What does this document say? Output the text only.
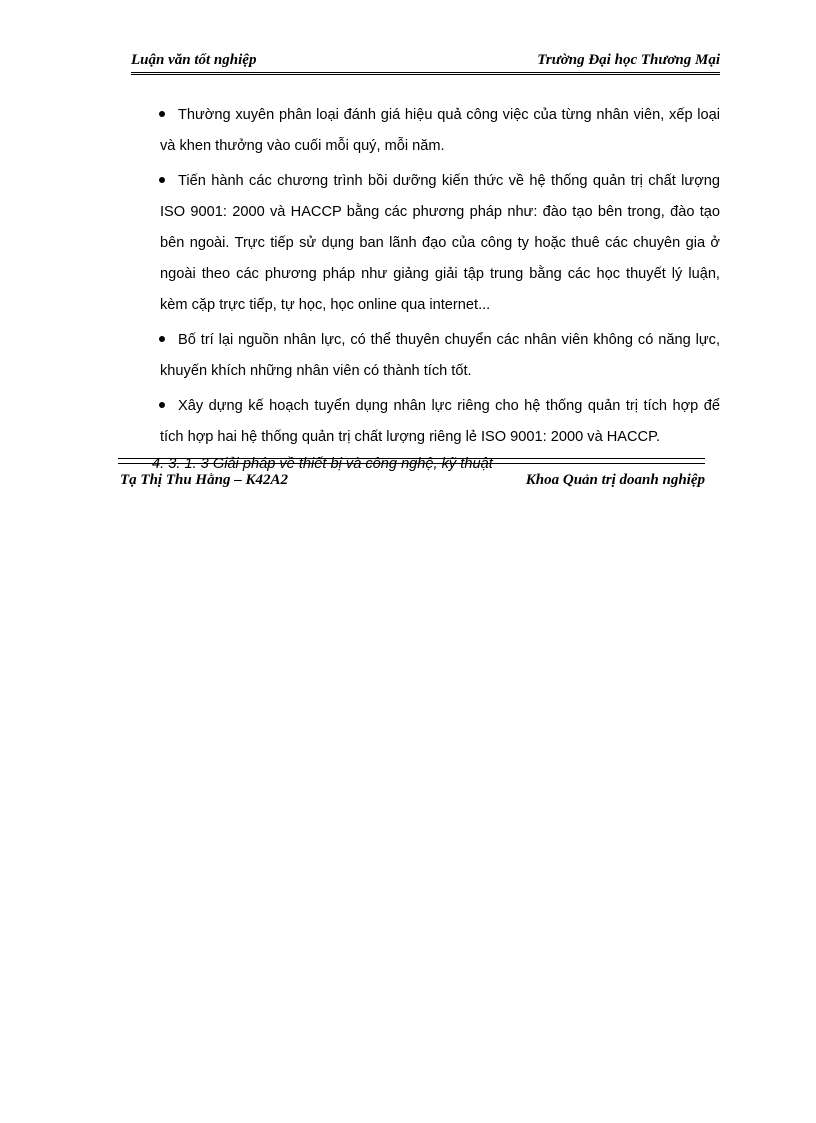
Luận văn tốt nghiệp	Trường Đại học Thương Mại

Thường xuyên phân loại đánh giá hiệu quả công việc của từng nhân viên, xếp loại và khen thưởng vào cuối mỗi quý, mỗi năm.

Tiến hành các chương trình bồi dưỡng kiến thức về hệ thống quản trị chất lượng ISO 9001: 2000 và HACCP bằng các phương pháp như: đào tạo bên trong, đào tạo bên ngoài. Trực tiếp sử dụng ban lãnh đạo của công ty hoặc thuê các chuyên gia ở ngoài theo các phương pháp như giảng giải tập trung bằng các học thuyết lý luận, kèm cặp trực tiếp, tự học, học online qua internet...

Bố trí lại nguồn nhân lực, có thể thuyên chuyển các nhân viên không có năng lực, khuyến khích những nhân viên có thành tích tốt.

Xây dựng kế hoạch tuyển dụng nhân lực riêng cho hệ thống quản trị tích hợp để tích hợp hai hệ thống quản trị chất lượng riêng lẻ ISO 9001: 2000 và HACCP.

4. 3. 1. 3 Giải pháp về thiết bị và công nghệ, kỹ thuật
Tạ Thị Thu Hằng – K42A2	Khoa Quản trị doanh nghiệp
